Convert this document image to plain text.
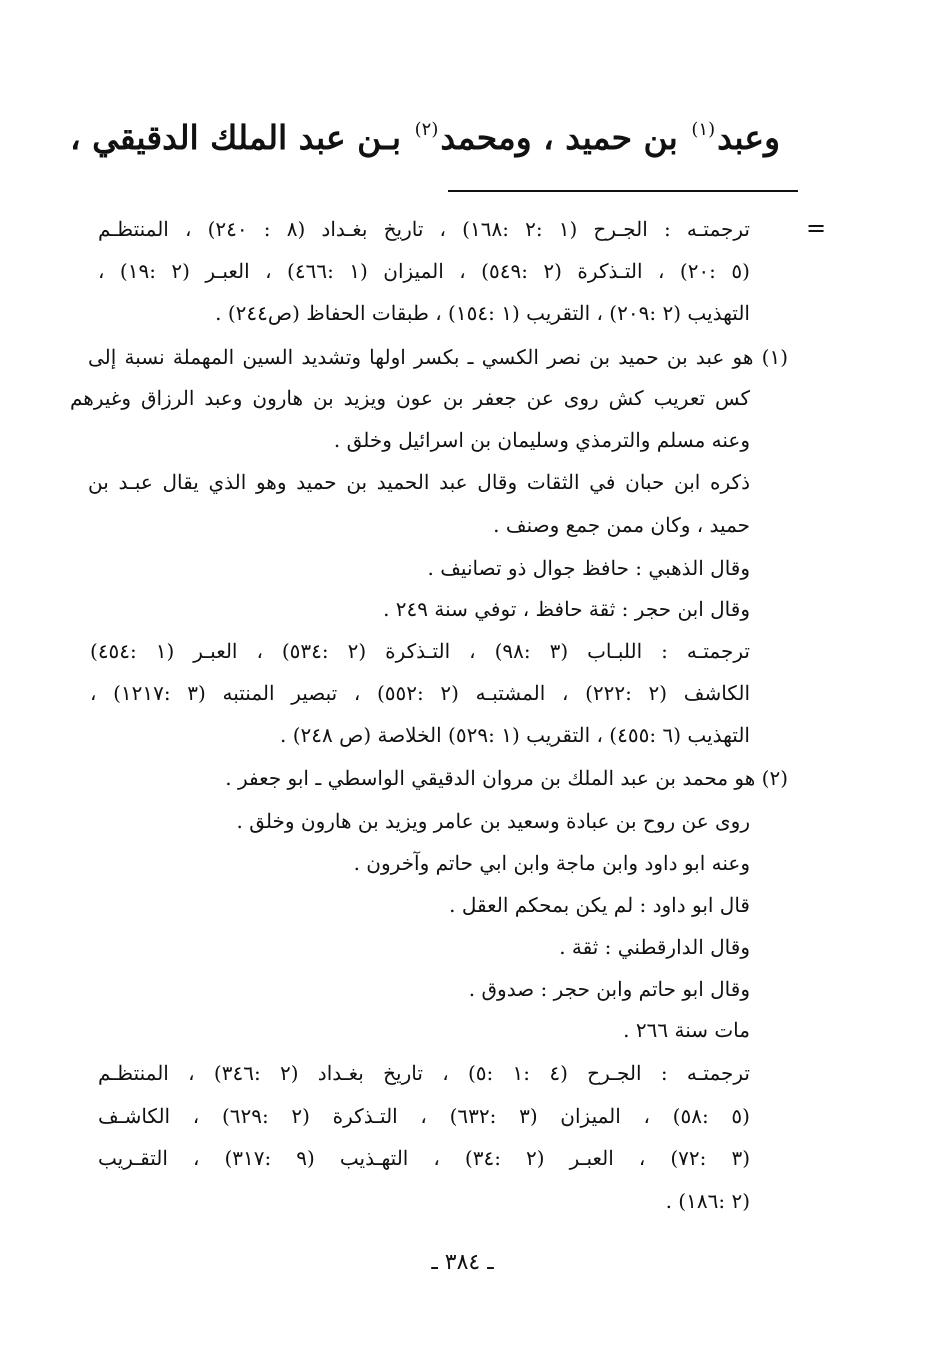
وعبد$^{(١)}$ بن حميد ، ومحمد$^{(٢)}$ بـن عبد الملك الدقيقي ،
=
ترجمتـه : الجـرح (١ :٢ :١٦٨) ، تاريخ بغـداد (٨ : ٢٤٠) ، المنتظـم
(٥ :٢٠) ، التـذكرة (٢ :٥٤٩) ، الميزان (١ :٤٦٦) ، العبـر (٢ :١٩) ،
التهذيب (٢ :٢٠٩) ، التقريب (١ :١٥٤) ، طبقات الحفاظ (ص٢٤٤) .
(١) هو عبد بن حميد بن نصر الكسي ـ بكسر اولها وتشديد السين المهملة نسبة إلى
كس تعريب كش روى عن جعفر بن عون ويزيد بن هارون وعبد الرزاق وغيرهم
وعنه مسلم والترمذي وسليمان بن اسرائيل وخلق .
ذكره ابن حبان في الثقات وقال عبد الحميد بن حميد وهو الذي يقال عبـد بن
حميد ، وكان ممن جمع وصنف .
وقال الذهبي : حافظ جوال ذو تصانيف .
وقال ابن حجر : ثقة حافظ ، توفي سنة ٢٤٩ .
ترجمتـه : اللبـاب (٣ :٩٨) ، التـذكرة (٢ :٥٣٤) ، العبـر (١ :٤٥٤)
الكاشف (٢ :٢٢٢) ، المشتبـه (٢ :٥٥٢) ، تبصير المنتبه (٣ :١٢١٧) ،
التهذيب (٦ :٤٥٥) ، التقريب (١ :٥٢٩) الخلاصة (ص ٢٤٨) .
(٢) هو محمد بن عبد الملك بن مروان الدقيقي الواسطي ـ ابو جعفر .
روى عن روح بن عبادة وسعيد بن عامر ويزيد بن هارون وخلق .
وعنه ابو داود وابن ماجة وابن ابي حاتم وآخرون .
قال ابو داود : لم يكن بمحكم العقل .
وقال الدارقطني : ثقة .
وقال ابو حاتم وابن حجر : صدوق .
مات سنة ٢٦٦ .
ترجمتـه : الجـرح (٤ :١ :٥) ، تاريخ بغـداد (٢ :٣٤٦) ، المنتظـم
(٥ :٥٨) ، الميزان (٣ :٦٣٢) ، التـذكرة (٢ :٦٢٩) ، الكاشـف
(٣ :٧٢) ، العبـر (٢ :٣٤) ، التهـذيب (٩ :٣١٧) ، التقـريب
(٢ :١٨٦) .
ـ ٣٨٤ ـ
